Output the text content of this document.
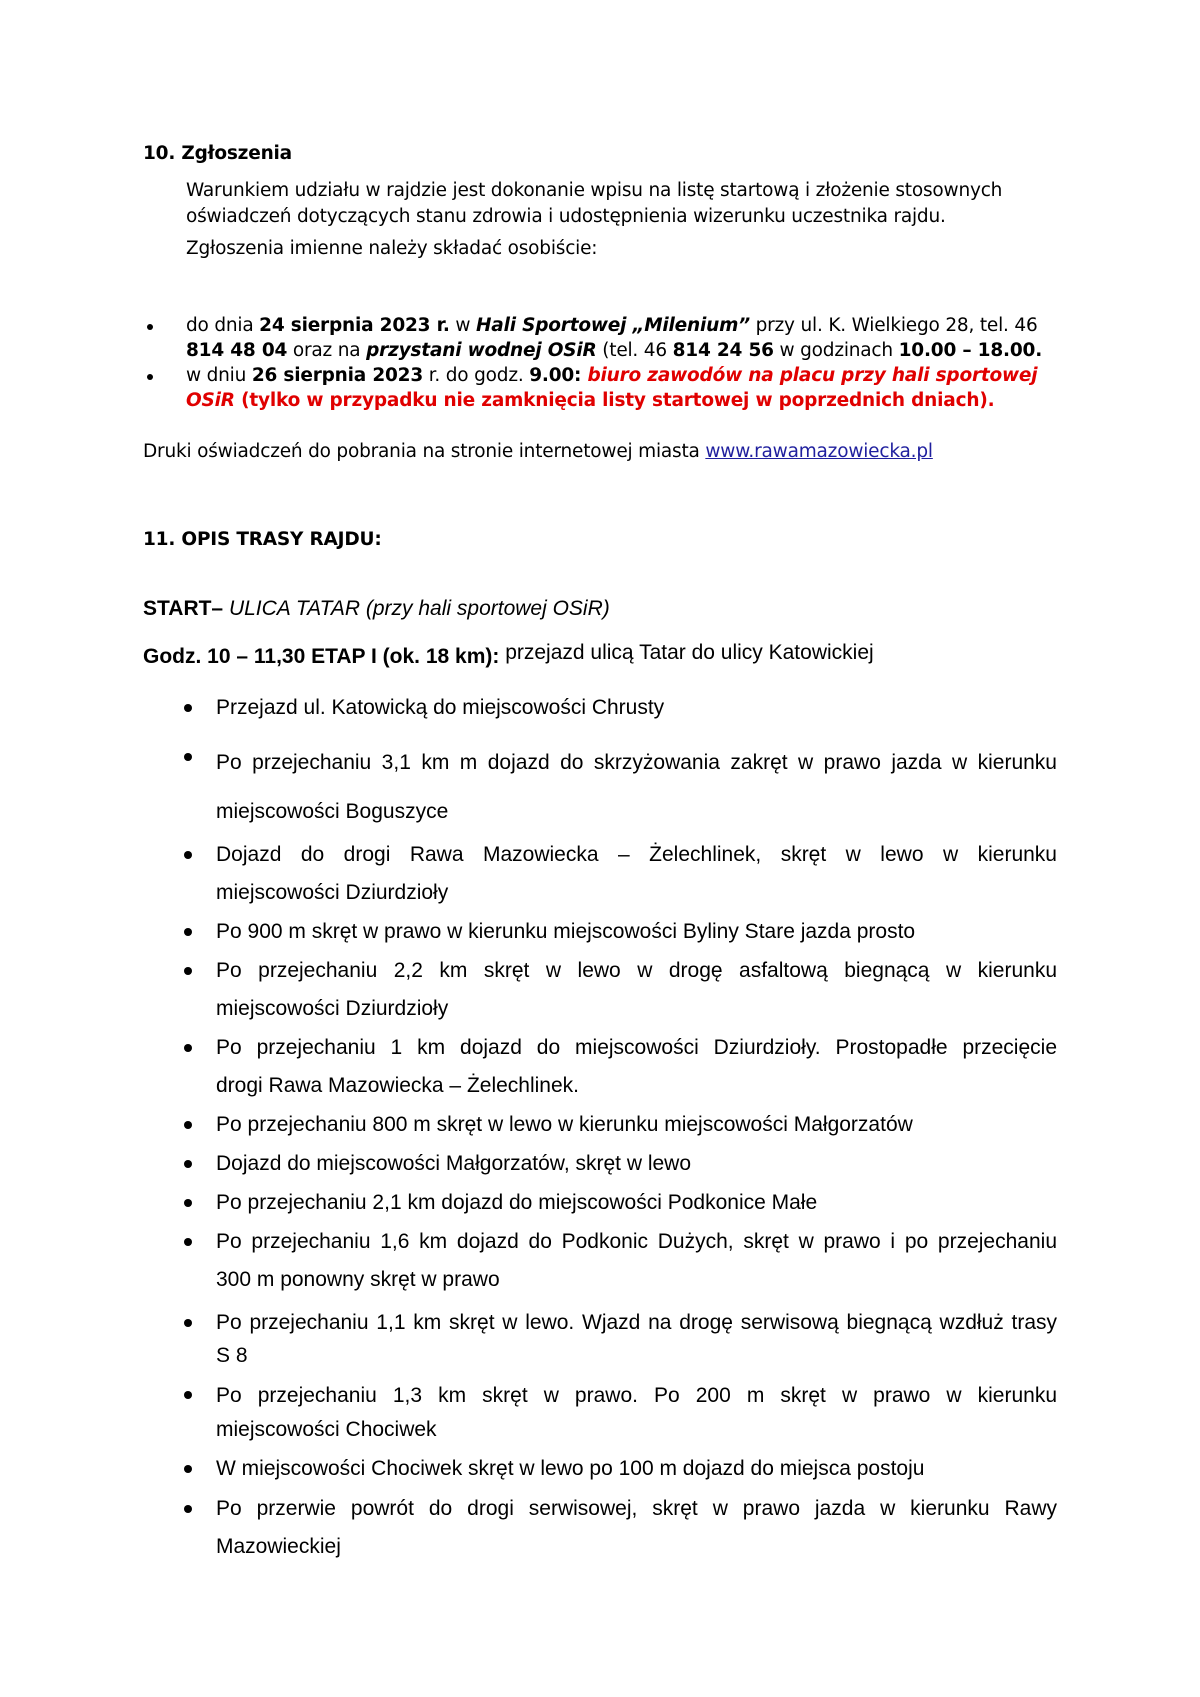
10. Zgłoszenia
Warunkiem udziału w rajdzie jest dokonanie wpisu na listę startową i złożenie stosownych
oświadczeń dotyczących stanu zdrowia i udostępnienia wizerunku uczestnika rajdu.
Zgłoszenia imienne należy składać osobiście:
do dnia 24 sierpnia 2023 r. w Hali Sportowej „Milenium” przy ul. K. Wielkiego 28, tel. 46
814 48 04 oraz na przystani wodnej OSiR (tel. 46 814 24 56 w godzinach 10.00 – 18.00.
w dniu 26 sierpnia 2023 r. do godz. 9.00: biuro zawodów na placu przy hali sportowej
OSiR (tylko w przypadku nie zamknięcia listy startowej w poprzednich dniach).
Druki oświadczeń do pobrania na stronie internetowej miasta www.rawamazowiecka.pl
11. OPIS TRASY RAJDU:
START– ULICA TATAR (przy hali sportowej OSiR)
Godz. 10 – 11,30 ETAP I (ok. 18 km): przejazd ulicą Tatar do ulicy Katowickiej
Przejazd ul. Katowicką do miejscowości Chrusty
Po przejechaniu 3,1 km m dojazd do skrzyżowania zakręt w prawo jazda w kierunku
miejscowości Boguszyce
Dojazd do drogi Rawa Mazowiecka – Żelechlinek, skręt w lewo w kierunku
miejscowości Dziurdzioły
Po 900 m skręt w prawo w kierunku miejscowości Byliny Stare jazda prosto
Po przejechaniu 2,2 km skręt w lewo w drogę asfaltową biegnącą w kierunku
miejscowości Dziurdzioły
Po przejechaniu 1 km dojazd do miejscowości Dziurdzioły. Prostopadłe przecięcie
drogi Rawa Mazowiecka – Żelechlinek.
Po przejechaniu 800 m skręt w lewo w kierunku miejscowości Małgorzatów
Dojazd do miejscowości Małgorzatów, skręt w lewo
Po przejechaniu 2,1 km dojazd do miejscowości Podkonice Małe
Po przejechaniu 1,6 km dojazd do Podkonic Dużych, skręt w prawo i po przejechaniu
300 m ponowny skręt w prawo
Po przejechaniu 1,1 km skręt w lewo. Wjazd na drogę serwisową biegnącą wzdłuż trasy
S 8
Po przejechaniu 1,3 km skręt w prawo. Po 200 m skręt w prawo w kierunku
miejscowości Chociwek
W miejscowości Chociwek skręt w lewo po 100 m dojazd do miejsca postoju
Po przerwie powrót do drogi serwisowej, skręt w prawo jazda w kierunku Rawy
Mazowieckiej
